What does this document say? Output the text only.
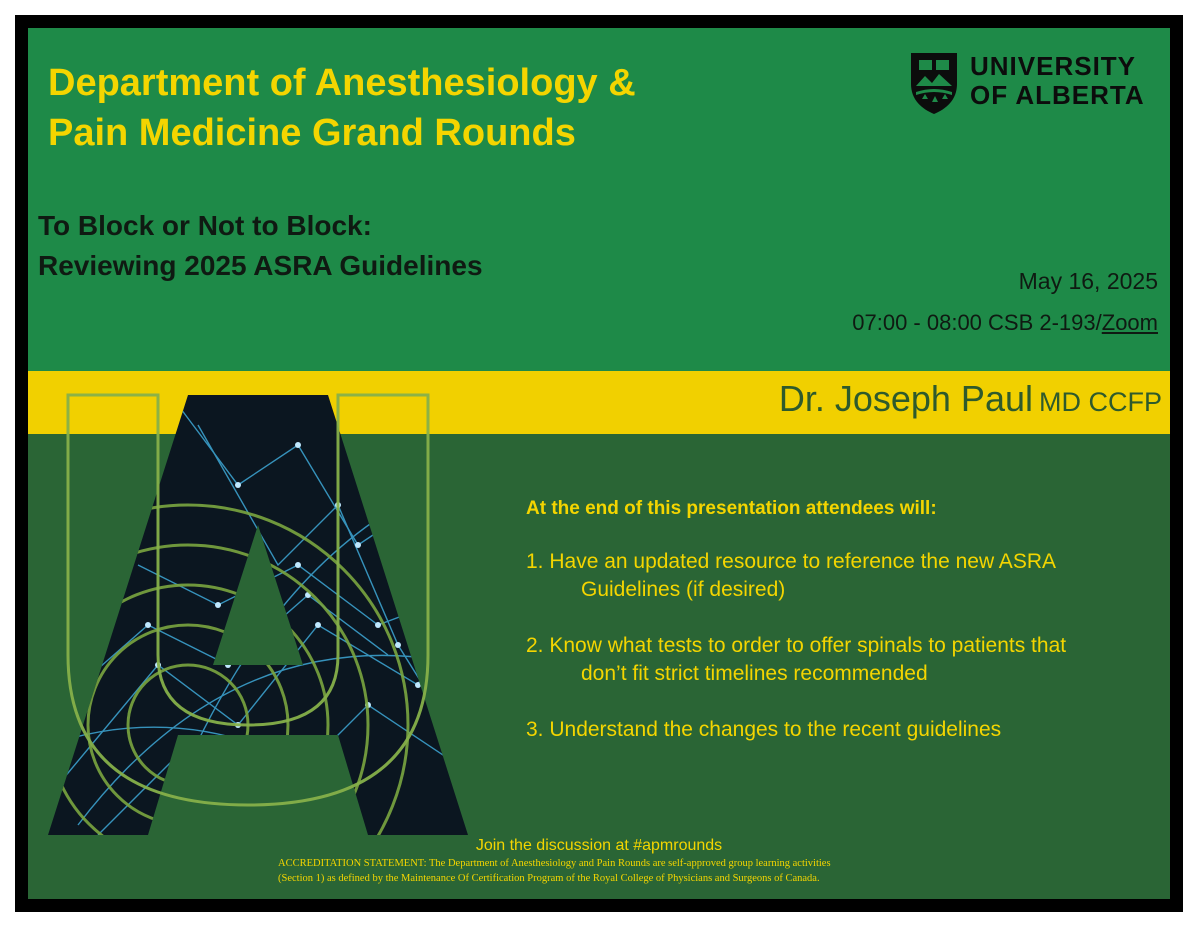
Department of Anesthesiology &
Pain Medicine Grand Rounds
UNIVERSITY
OF ALBERTA
To Block or Not to Block:
Reviewing 2025 ASRA Guidelines	May 16, 2025
07:00 - 08:00 CSB 2-193/Zoom
Dr. Joseph Paul MD CCFP
At the end of this presentation attendees will:
1. Have an updated resource to reference the new ASRA
Guidelines (if desired)
2. Know what tests to order to offer spinals to patients that
don’t fit strict timelines recommended
3. Understand the changes to the recent guidelines
Join the discussion at #apmrounds
ACCREDITATION STATEMENT: The Department of Anesthesiology and Pain Rounds are self-approved group learning activities
(Section 1) as defined by the Maintenance Of Certification Program of the Royal College of Physicians and Surgeons of Canada.
